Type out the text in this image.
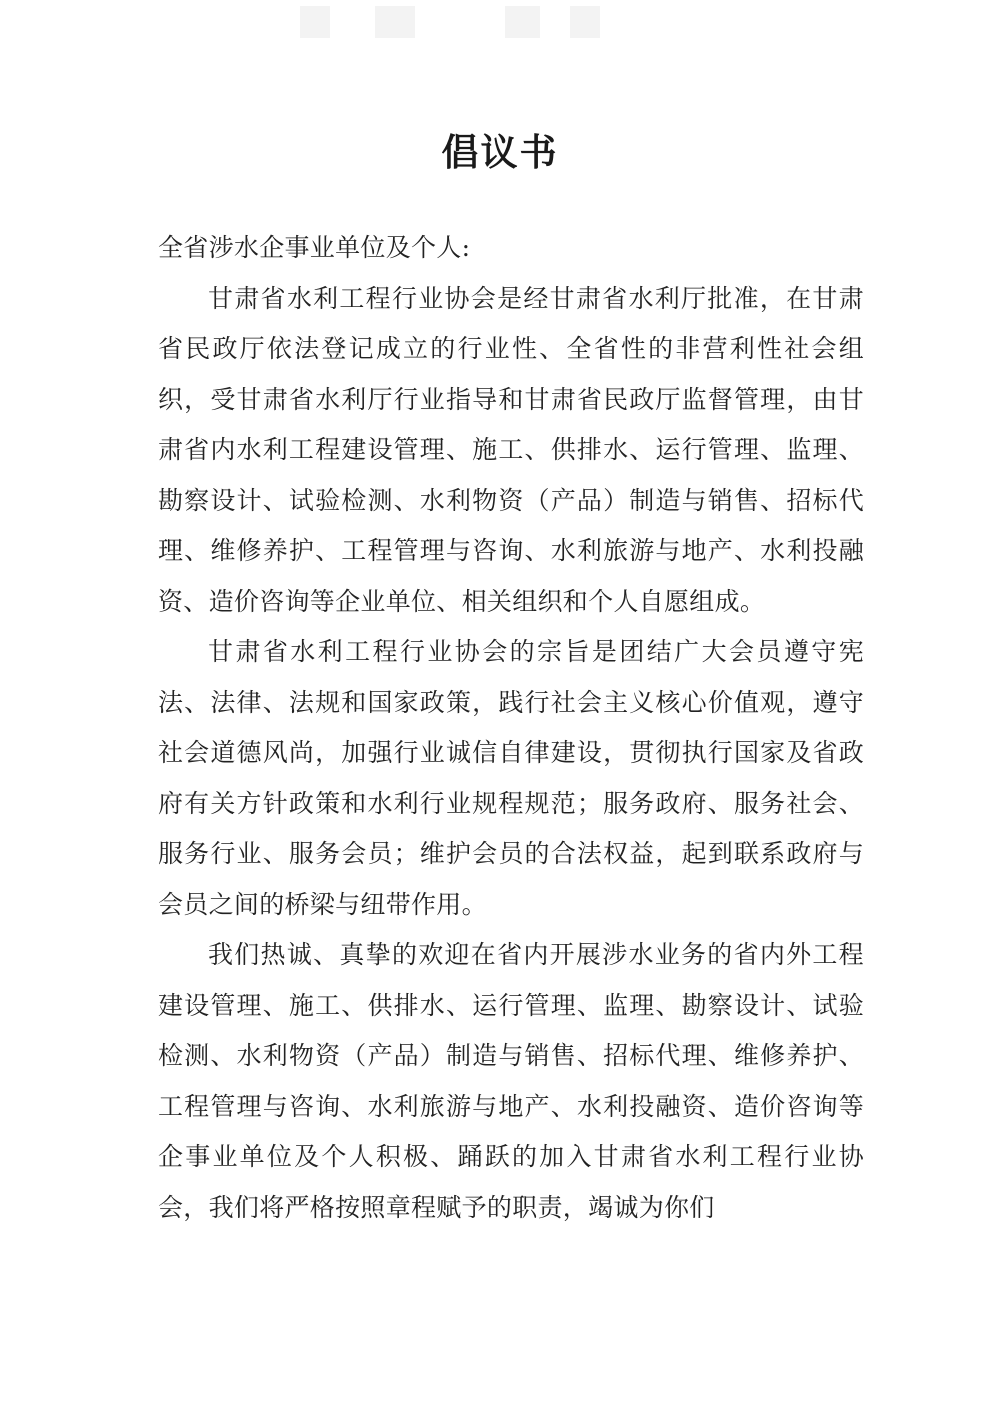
倡议书

全省涉水企事业单位及个人:

甘肃省水利工程行业协会是经甘肃省水利厅批准，在甘肃省民政厅依法登记成立的行业性、全省性的非营利性社会组织，受甘肃省水利厅行业指导和甘肃省民政厅监督管理，由甘肃省内水利工程建设管理、施工、供排水、运行管理、监理、勘察设计、试验检测、水利物资（产品）制造与销售、招标代理、维修养护、工程管理与咨询、水利旅游与地产、水利投融资、造价咨询等企业单位、相关组织和个人自愿组成。

甘肃省水利工程行业协会的宗旨是团结广大会员遵守宪法、法律、法规和国家政策，践行社会主义核心价值观，遵守社会道德风尚，加强行业诚信自律建设，贯彻执行国家及省政府有关方针政策和水利行业规程规范；服务政府、服务社会、服务行业、服务会员；维护会员的合法权益，起到联系政府与会员之间的桥梁与纽带作用。

我们热诚、真挚的欢迎在省内开展涉水业务的省内外工程建设管理、施工、供排水、运行管理、监理、勘察设计、试验检测、水利物资（产品）制造与销售、招标代理、维修养护、工程管理与咨询、水利旅游与地产、水利投融资、造价咨询等企事业单位及个人积极、踊跃的加入甘肃省水利工程行业协会，我们将严格按照章程赋予的职责，竭诚为你们
